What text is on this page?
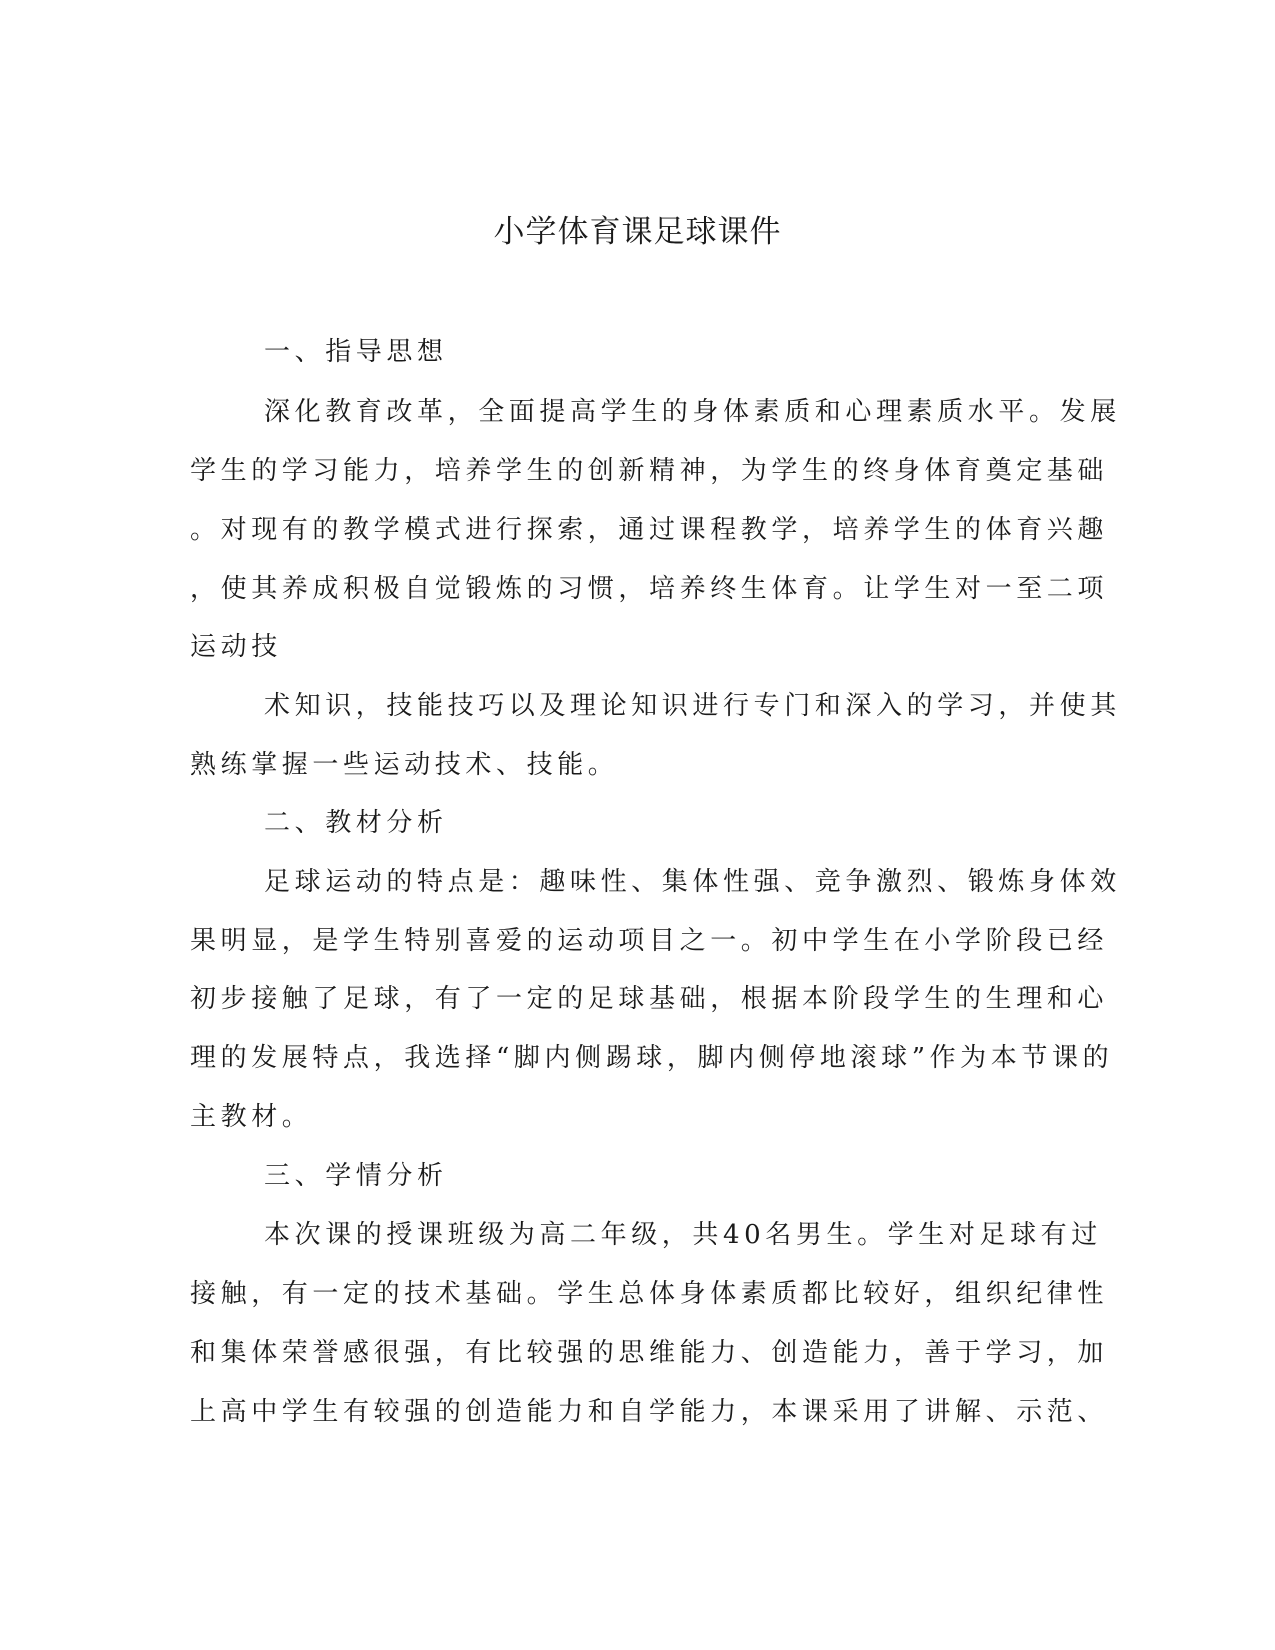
小学体育课足球课件
一、指导思想
深化教育改革，全面提高学生的身体素质和心理素质水平。发展
学生的学习能力，培养学生的创新精神，为学生的终身体育奠定基础
。对现有的教学模式进行探索，通过课程教学，培养学生的体育兴趣
，使其养成积极自觉锻炼的习惯，培养终生体育。让学生对一至二项
运动技
术知识，技能技巧以及理论知识进行专门和深入的学习，并使其
熟练掌握一些运动技术、技能。
二、教材分析
足球运动的特点是：趣味性、集体性强、竞争激烈、锻炼身体效
果明显，是学生特别喜爱的运动项目之一。初中学生在小学阶段已经
初步接触了足球，有了一定的足球基础，根据本阶段学生的生理和心
理的发展特点，我选择“脚内侧踢球，脚内侧停地滚球”作为本节课的
主教材。
三、学情分析
本次课的授课班级为高二年级，共40名男生。学生对足球有过
接触，有一定的技术基础。学生总体身体素质都比较好，组织纪律性
和集体荣誉感很强，有比较强的思维能力、创造能力，善于学习，加
上高中学生有较强的创造能力和自学能力，本课采用了讲解、示范、
